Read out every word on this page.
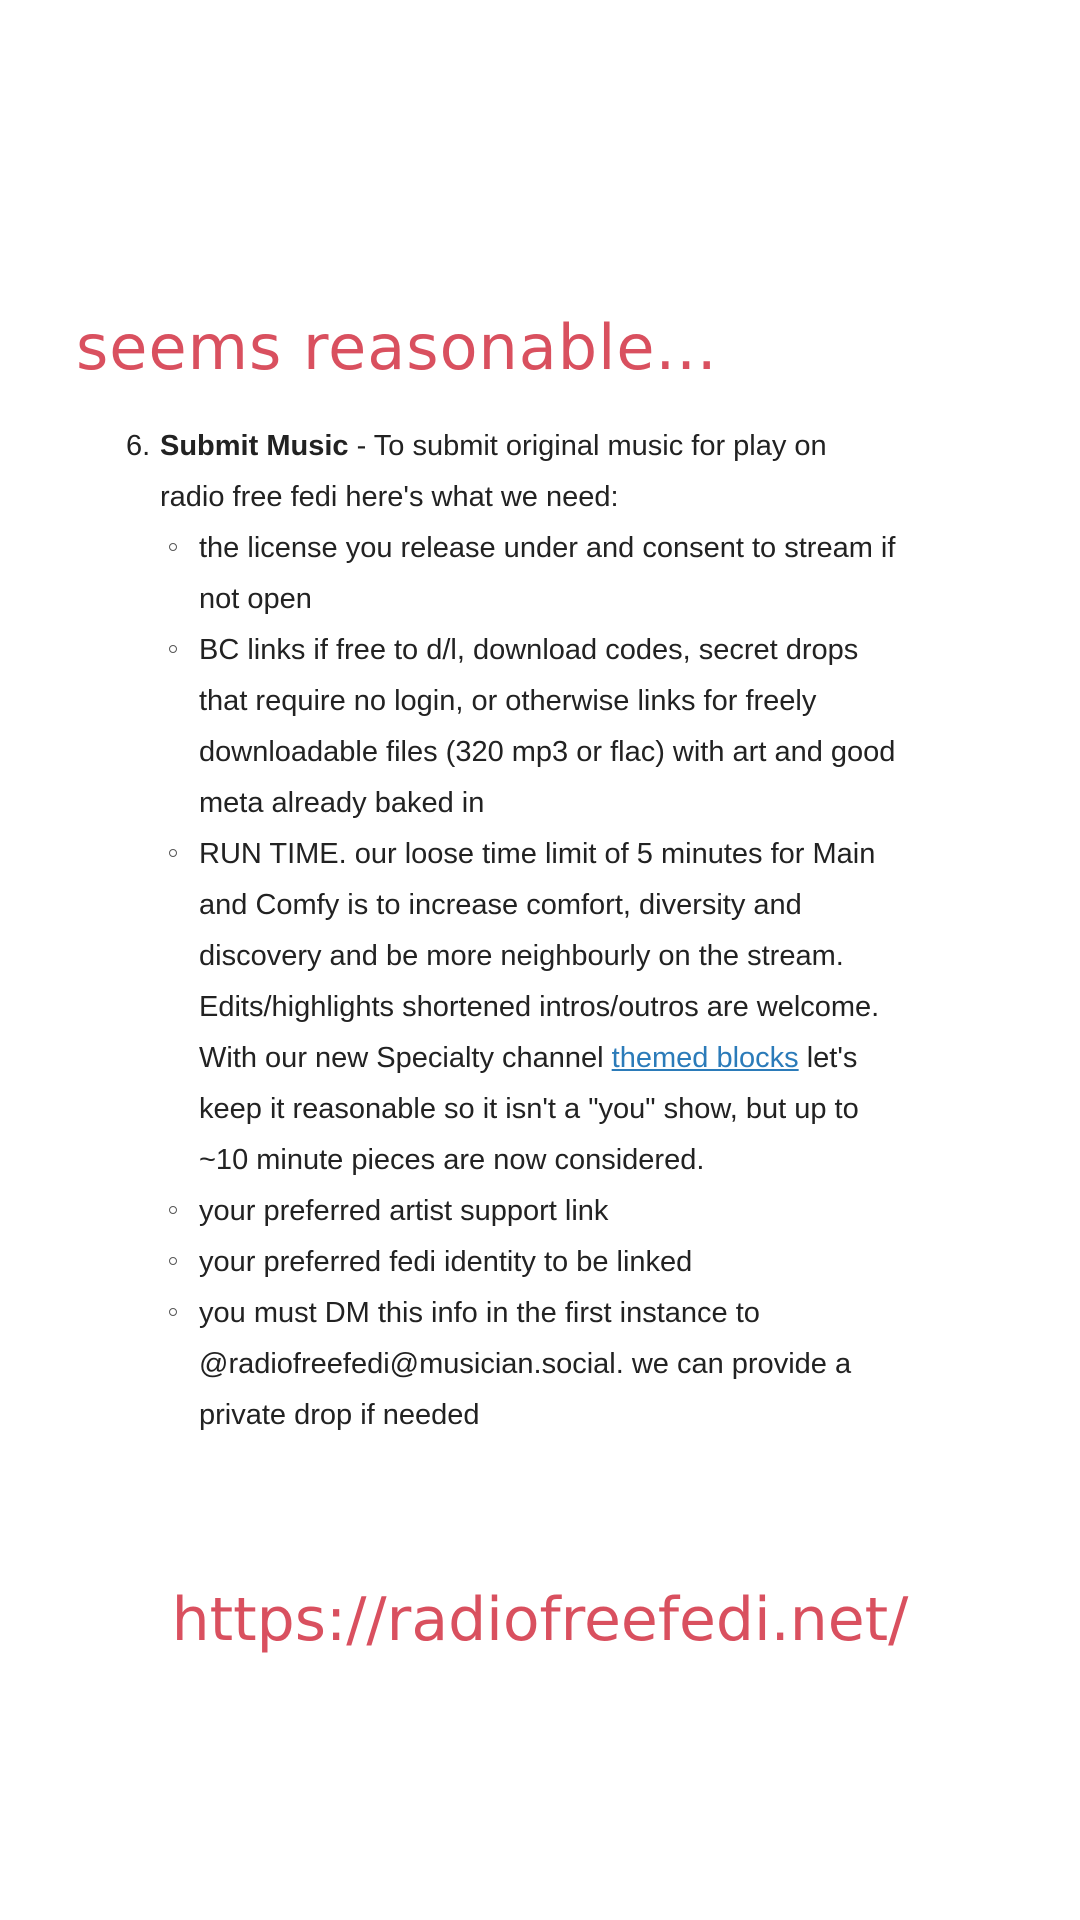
seems reasonable...
6. Submit Music - To submit original music for play on radio free fedi here's what we need:
the license you release under and consent to stream if not open
BC links if free to d/l, download codes, secret drops that require no login, or otherwise links for freely downloadable files (320 mp3 or flac) with art and good meta already baked in
RUN TIME. our loose time limit of 5 minutes for Main and Comfy is to increase comfort, diversity and discovery and be more neighbourly on the stream. Edits/highlights shortened intros/outros are welcome. With our new Specialty channel themed blocks let's keep it reasonable so it isn't a "you" show, but up to ~10 minute pieces are now considered.
your preferred artist support link
your preferred fedi identity to be linked
you must DM this info in the first instance to @radiofreefedi@musician.social. we can provide a private drop if needed

https://radiofreefedi.net/
